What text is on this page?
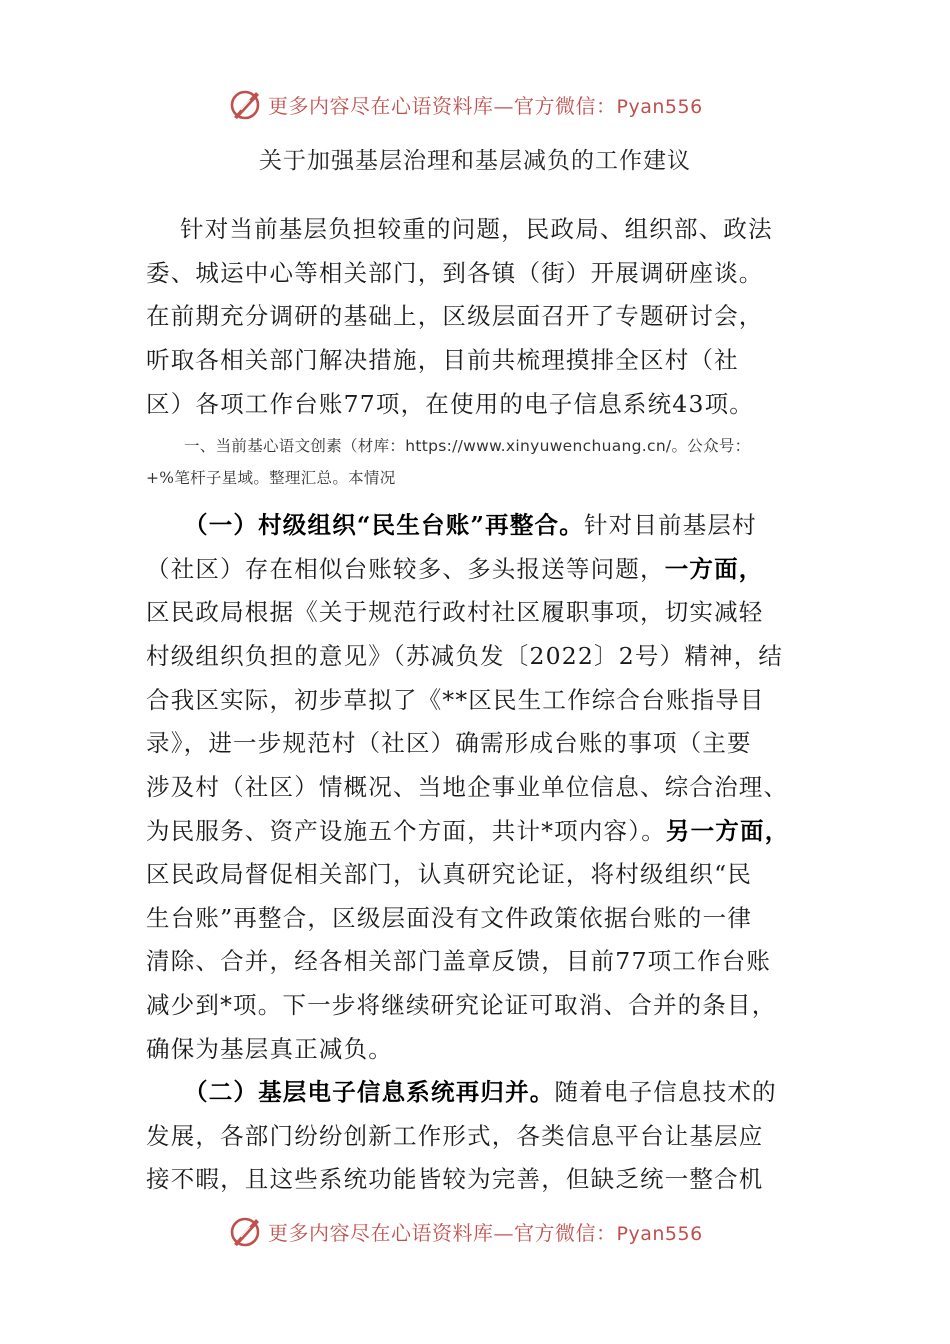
更多内容尽在心语资料库—官方微信：Pyan556
关于加强基层治理和基层减负的工作建议
针对当前基层负担较重的问题，民政局、组织部、政法
委、城运中心等相关部门，到各镇（街）开展调研座谈。
在前期充分调研的基础上，区级层面召开了专题研讨会，
听取各相关部门解决措施，目前共梳理摸排全区村（社
区）各项工作台账77项，在使用的电子信息系统43项。
一、当前基心语文创素（材库：https://www.xinyuwenchuang.cn/。公众号：
+%笔杆子星域。整理汇总。本情况
（一）村级组织“民生台账”再整合。针对目前基层村
（社区）存在相似台账较多、多头报送等问题，一方面，
区民政局根据《关于规范行政村社区履职事项，切实减轻
村级组织负担的意见》（苏减负发〔2022〕2号）精神，结
合我区实际，初步草拟了《**区民生工作综合台账指导目
录》，进一步规范村（社区）确需形成台账的事项（主要
涉及村（社区）情概况、当地企事业单位信息、综合治理、
为民服务、资产设施五个方面，共计*项内容）。另一方面，
区民政局督促相关部门，认真研究论证，将村级组织“民
生台账”再整合，区级层面没有文件政策依据台账的一律
清除、合并，经各相关部门盖章反馈，目前77项工作台账
减少到*项。下一步将继续研究论证可取消、合并的条目，
确保为基层真正减负。
（二）基层电子信息系统再归并。随着电子信息技术的
发展，各部门纷纷创新工作形式，各类信息平台让基层应
接不暇，且这些系统功能皆较为完善，但缺乏统一整合机
更多内容尽在心语资料库—官方微信：Pyan556
